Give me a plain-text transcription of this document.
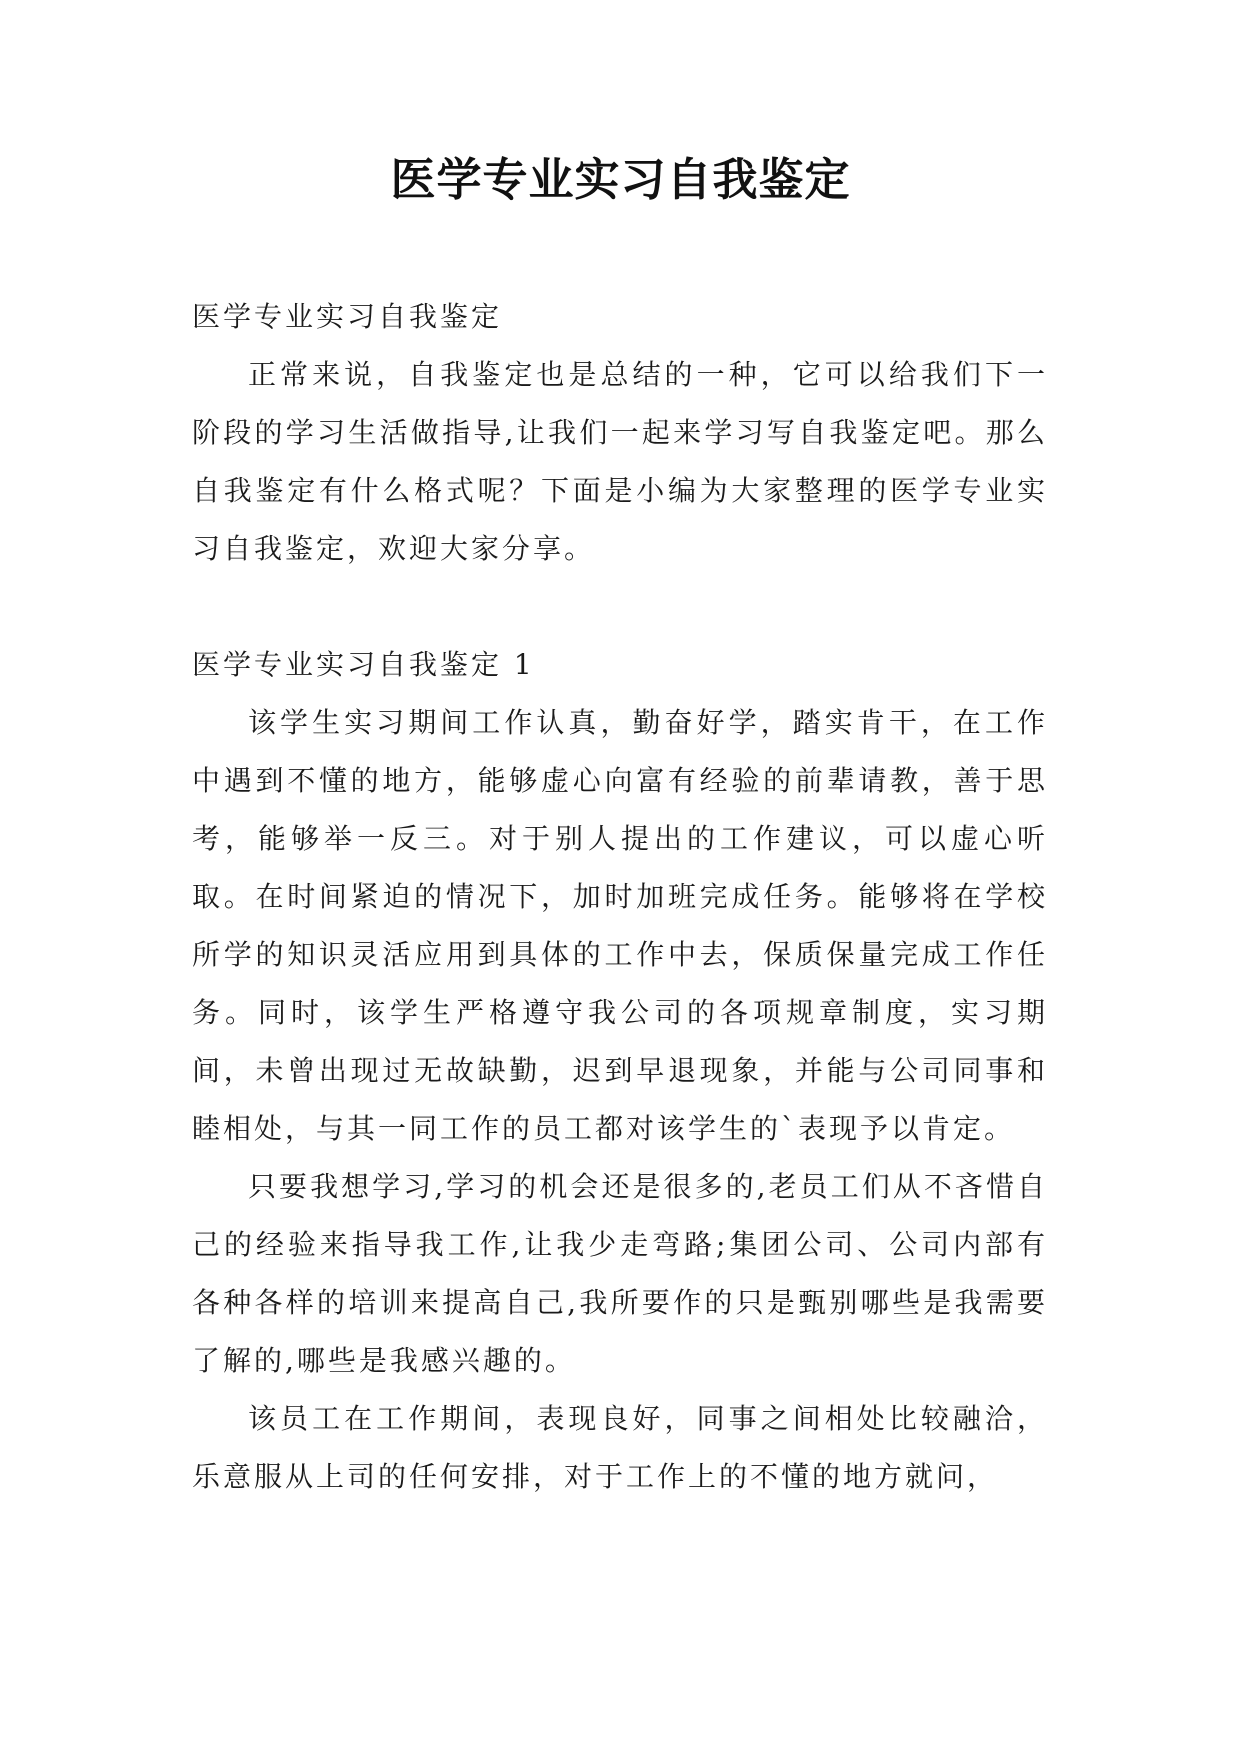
医学专业实习自我鉴定

医学专业实习自我鉴定

正常来说，自我鉴定也是总结的一种，它可以给我们下一阶段的学习生活做指导,让我们一起来学习写自我鉴定吧。那么自我鉴定有什么格式呢？下面是小编为大家整理的医学专业实习自我鉴定，欢迎大家分享。

医学专业实习自我鉴定 1

该学生实习期间工作认真，勤奋好学，踏实肯干，在工作中遇到不懂的地方，能够虚心向富有经验的前辈请教，善于思考，能够举一反三。对于别人提出的工作建议，可以虚心听取。在时间紧迫的情况下，加时加班完成任务。能够将在学校所学的知识灵活应用到具体的工作中去，保质保量完成工作任务。同时，该学生严格遵守我公司的各项规章制度，实习期间，未曾出现过无故缺勤，迟到早退现象，并能与公司同事和睦相处，与其一同工作的员工都对该学生的`表现予以肯定。

只要我想学习,学习的机会还是很多的,老员工们从不吝惜自己的经验来指导我工作,让我少走弯路;集团公司、公司内部有各种各样的培训来提高自己,我所要作的只是甄别哪些是我需要了解的,哪些是我感兴趣的。

该员工在工作期间，表现良好，同事之间相处比较融洽，乐意服从上司的任何安排，对于工作上的不懂的地方就问，
